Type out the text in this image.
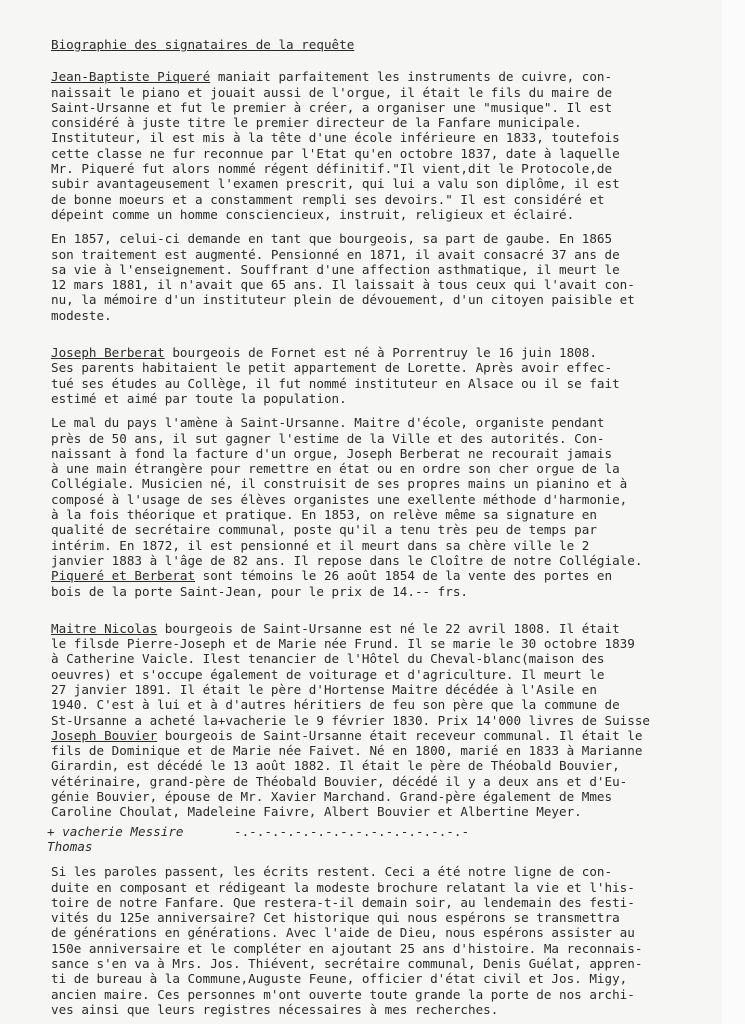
Biographie des signataires de la requête

Jean-Baptiste Piqueré maniait parfaitement les instruments de cuivre, con-
naissait le piano et jouait aussi de l'orgue, il était le fils du maire de
Saint-Ursanne et fut le premier à créer, a organiser une "musique". Il est
considéré à juste titre le premier directeur de la Fanfare municipale.
Instituteur, il est mis à la tête d'une école inférieure en 1833, toutefois
cette classe ne fur reconnue par l'Etat qu'en octobre 1837, date à laquelle
Mr. Piqueré fut alors nommé régent définitif."Il vient,dit le Protocole,de
subir avantageusement l'examen prescrit, qui lui a valu son diplôme, il est
de bonne moeurs et a constamment rempli ses devoirs." Il est considéré et
dépeint comme un homme consciencieux, instruit, religieux et éclairé.

En 1857, celui-ci demande en tant que bourgeois, sa part de gaube. En 1865
son traitement est augmenté. Pensionné en 1871, il avait consacré 37 ans de
sa vie à l'enseignement. Souffrant d'une affection asthmatique, il meurt le
12 mars 1881, il n'avait que 65 ans. Il laissait à tous ceux qui l'avait con-
nu, la mémoire d'un instituteur plein de dévouement, d'un citoyen paisible et
modeste.

Joseph Berberat bourgeois de Fornet est né à Porrentruy le 16 juin 1808.
Ses parents habitaient le petit appartement de Lorette. Après avoir effec-
tué ses études au Collège, il fut nommé instituteur en Alsace ou il se fait
estimé et aimé par toute la population.

Le mal du pays l'amène à Saint-Ursanne. Maitre d'école, organiste pendant
près de 50 ans, il sut gagner l'estime de la Ville et des autorités. Con-
naissant à fond la facture d'un orgue, Joseph Berberat ne recourait jamais
à une main étrangère pour remettre en état ou en ordre son cher orgue de la
Collégiale. Musicien né, il construisit de ses propres mains un pianino et à
composé à l'usage de ses élèves organistes une exellente méthode d'harmonie,
à la fois théorique et pratique. En 1853, on relève même sa signature en
qualité de secrétaire communal, poste qu'il a tenu très peu de temps par
intérim. En 1872, il est pensionné et il meurt dans sa chère ville le 2
janvier 1883 à l'âge de 82 ans. Il repose dans le Cloître de notre Collégiale.

Piqueré et Berberat sont témoins le 26 août 1854 de la vente des portes en
bois de la porte Saint-Jean, pour le prix de 14.-- frs.

Maitre Nicolas bourgeois de Saint-Ursanne est né le 22 avril 1808. Il était
le filsde Pierre-Joseph et de Marie née Frund. Il se marie le 30 octobre 1839
à Catherine Vaicle. Ilest tenancier de l'Hôtel du Cheval-blanc(maison des
oeuvres) et s'occupe également de voiturage et d'agriculture. Il meurt le
27 janvier 1891. Il était le père d'Hortense Maitre décédée à l'Asile en
1940. C'est à lui et à d'autres héritiers de feu son père que la commune de
St-Ursanne a acheté la+vacherie le 9 février 1830. Prix 14'000 livres de Suisse

Joseph Bouvier bourgeois de Saint-Ursanne était receveur communal. Il était le
fils de Dominique et de Marie née Faivet. Né en 1800, marié en 1833 à Marianne
Girardin, est décédé le 13 août 1882. Il était le père de Théobald Bouvier,
vétérinaire, grand-père de Théobald Bouvier, décédé il y a deux ans et d'Eu-
génie Bouvier, épouse de Mr. Xavier Marchand. Grand-père également de Mmes
Caroline Choulat, Madeleine Faivre, Albert Bouvier et Albertine Meyer.

+ vacherie Messire
Thomas
-.-.-.-.-.-.-.-.-.-.-.-.-.-.-.-

Si les paroles passent, les écrits restent. Ceci a été notre ligne de con-
duite en composant et rédigeant la modeste brochure relatant la vie et l'his-
toire de notre Fanfare. Que restera-t-il demain soir, au lendemain des festi-
vités du 125e anniversaire? Cet historique qui nous espérons se transmettra
de générations en générations. Avec l'aide de Dieu, nous espérons assister au
150e anniversaire et le compléter en ajoutant 25 ans d'histoire. Ma reconnais-
sance s'en va à Mrs. Jos. Thiévent, secrétaire communal, Denis Guélat, appren-
ti de bureau à la Commune,Auguste Feune, officier d'état civil et Jos. Migy,
ancien maire. Ces personnes m'ont ouverte toute grande la porte de nos archi-
ves ainsi que leurs registres nécessaires à mes recherches.
